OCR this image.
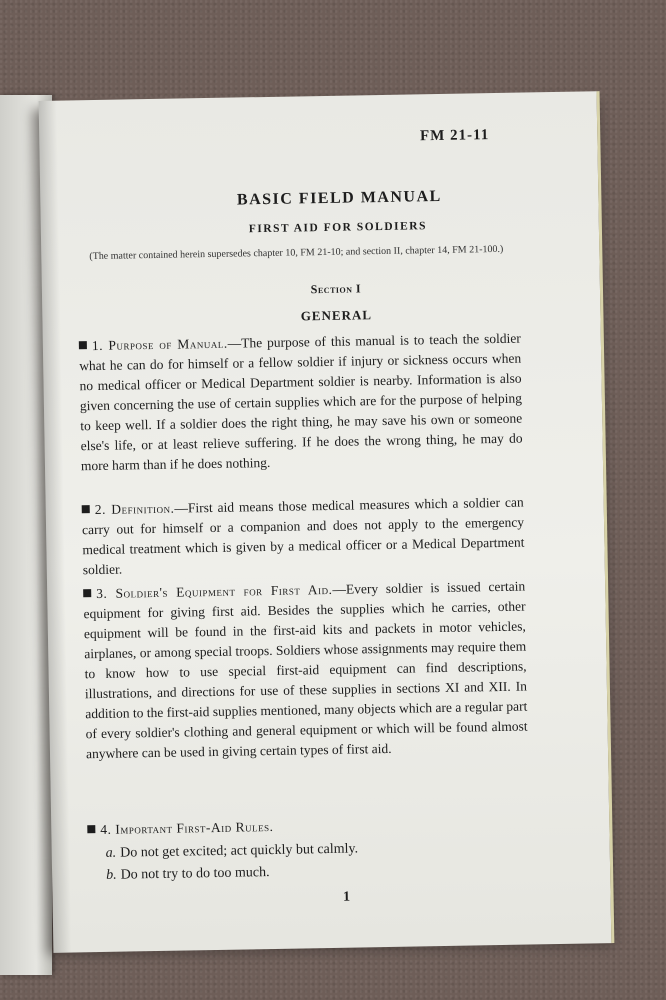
FM 21-11
BASIC FIELD MANUAL
FIRST AID FOR SOLDIERS
(The matter contained herein supersedes chapter 10, FM 21-10; and section II, chapter 14, FM 21-100.)
Section I
GENERAL
1. Purpose of Manual.—The purpose of this manual is to teach the soldier what he can do for himself or a fellow soldier if injury or sickness occurs when no medical officer or Medical Department soldier is nearby. Information is also given concerning the use of certain supplies which are for the purpose of helping to keep well. If a soldier does the right thing, he may save his own or someone else's life, or at least relieve suffering. If he does the wrong thing, he may do more harm than if he does nothing.
2. Definition.—First aid means those medical measures which a soldier can carry out for himself or a companion and does not apply to the emergency medical treatment which is given by a medical officer or a Medical Department soldier.
3. Soldier's Equipment for First Aid.—Every soldier is issued certain equipment for giving first aid. Besides the supplies which he carries, other equipment will be found in the first-aid kits and packets in motor vehicles, airplanes, or among special troops. Soldiers whose assignments may require them to know how to use special first-aid equipment can find descriptions, illustrations, and directions for use of these supplies in sections XI and XII. In addition to the first-aid supplies mentioned, many objects which are a regular part of every soldier's clothing and general equipment or which will be found almost anywhere can be used in giving certain types of first aid.
4. Important First-Aid Rules.
a. Do not get excited; act quickly but calmly.
b. Do not try to do too much.
1
